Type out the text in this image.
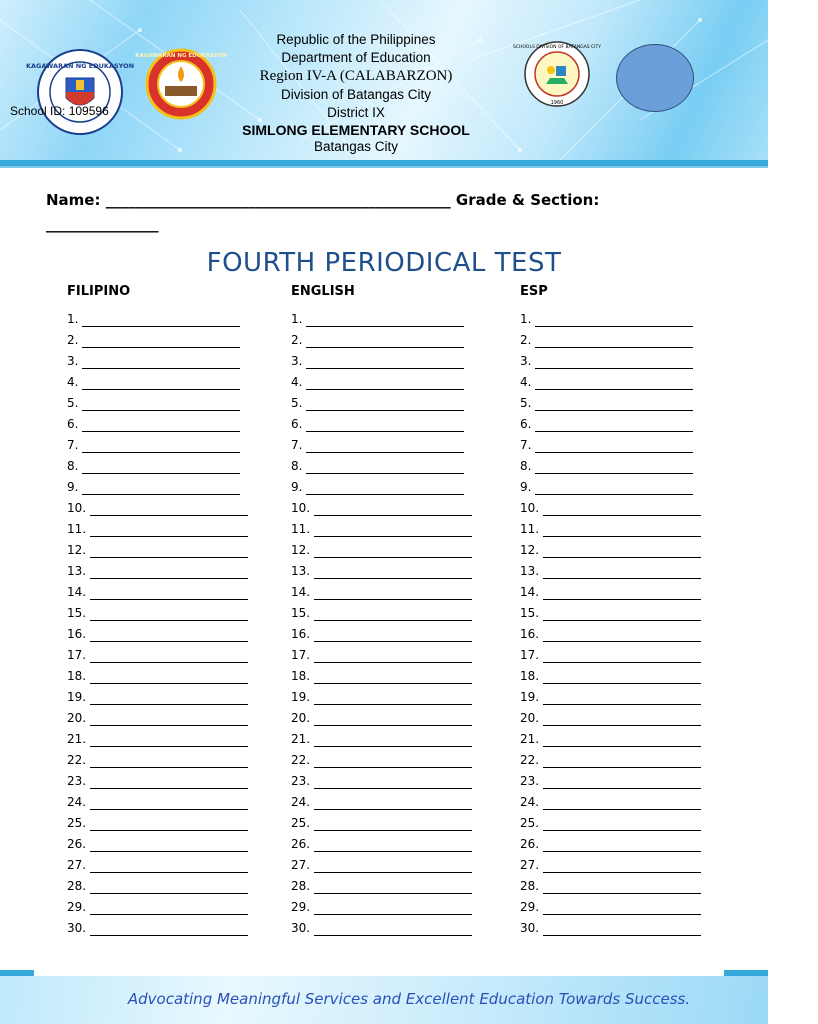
KAGAWARAN NG EDUKASYON
KAGAWARAN NG EDUKASYON
SCHOOLS DIVISION OF BATANGAS CITY
1960
School ID: 109596
Republic of the Philippines
Department of Education
Region IV-A (CALABARZON)
Division of Batangas City
District IX
SIMLONG ELEMENTARY SCHOOL
Batangas City
Name: ______________________________________________ Grade & Section:
_______________
FOURTH PERIODICAL TEST
FILIPINO	ENGLISH	ESP
1.
2.
3.
4.
5.
6.
7.
8.
9.
10.
11.
12.
13.
14.
15.
16.
17.
18.
19.
20.
21.
22.
23.
24.
25.
26.
27.
28.
29.
30.
1.
2.
3.
4.
5.
6.
7.
8.
9.
10.
11.
12.
13.
14.
15.
16.
17.
18.
19.
20.
21.
22.
23.
24.
25.
26.
27.
28.
29.
30.
1.
2.
3.
4.
5.
6.
7.
8.
9.
10.
11.
12.
13.
14.
15.
16.
17.
18.
19.
20.
21.
22.
23.
24.
25.
26.
27.
28.
29.
30.
Advocating Meaningful Services and Excellent Education Towards Success.
